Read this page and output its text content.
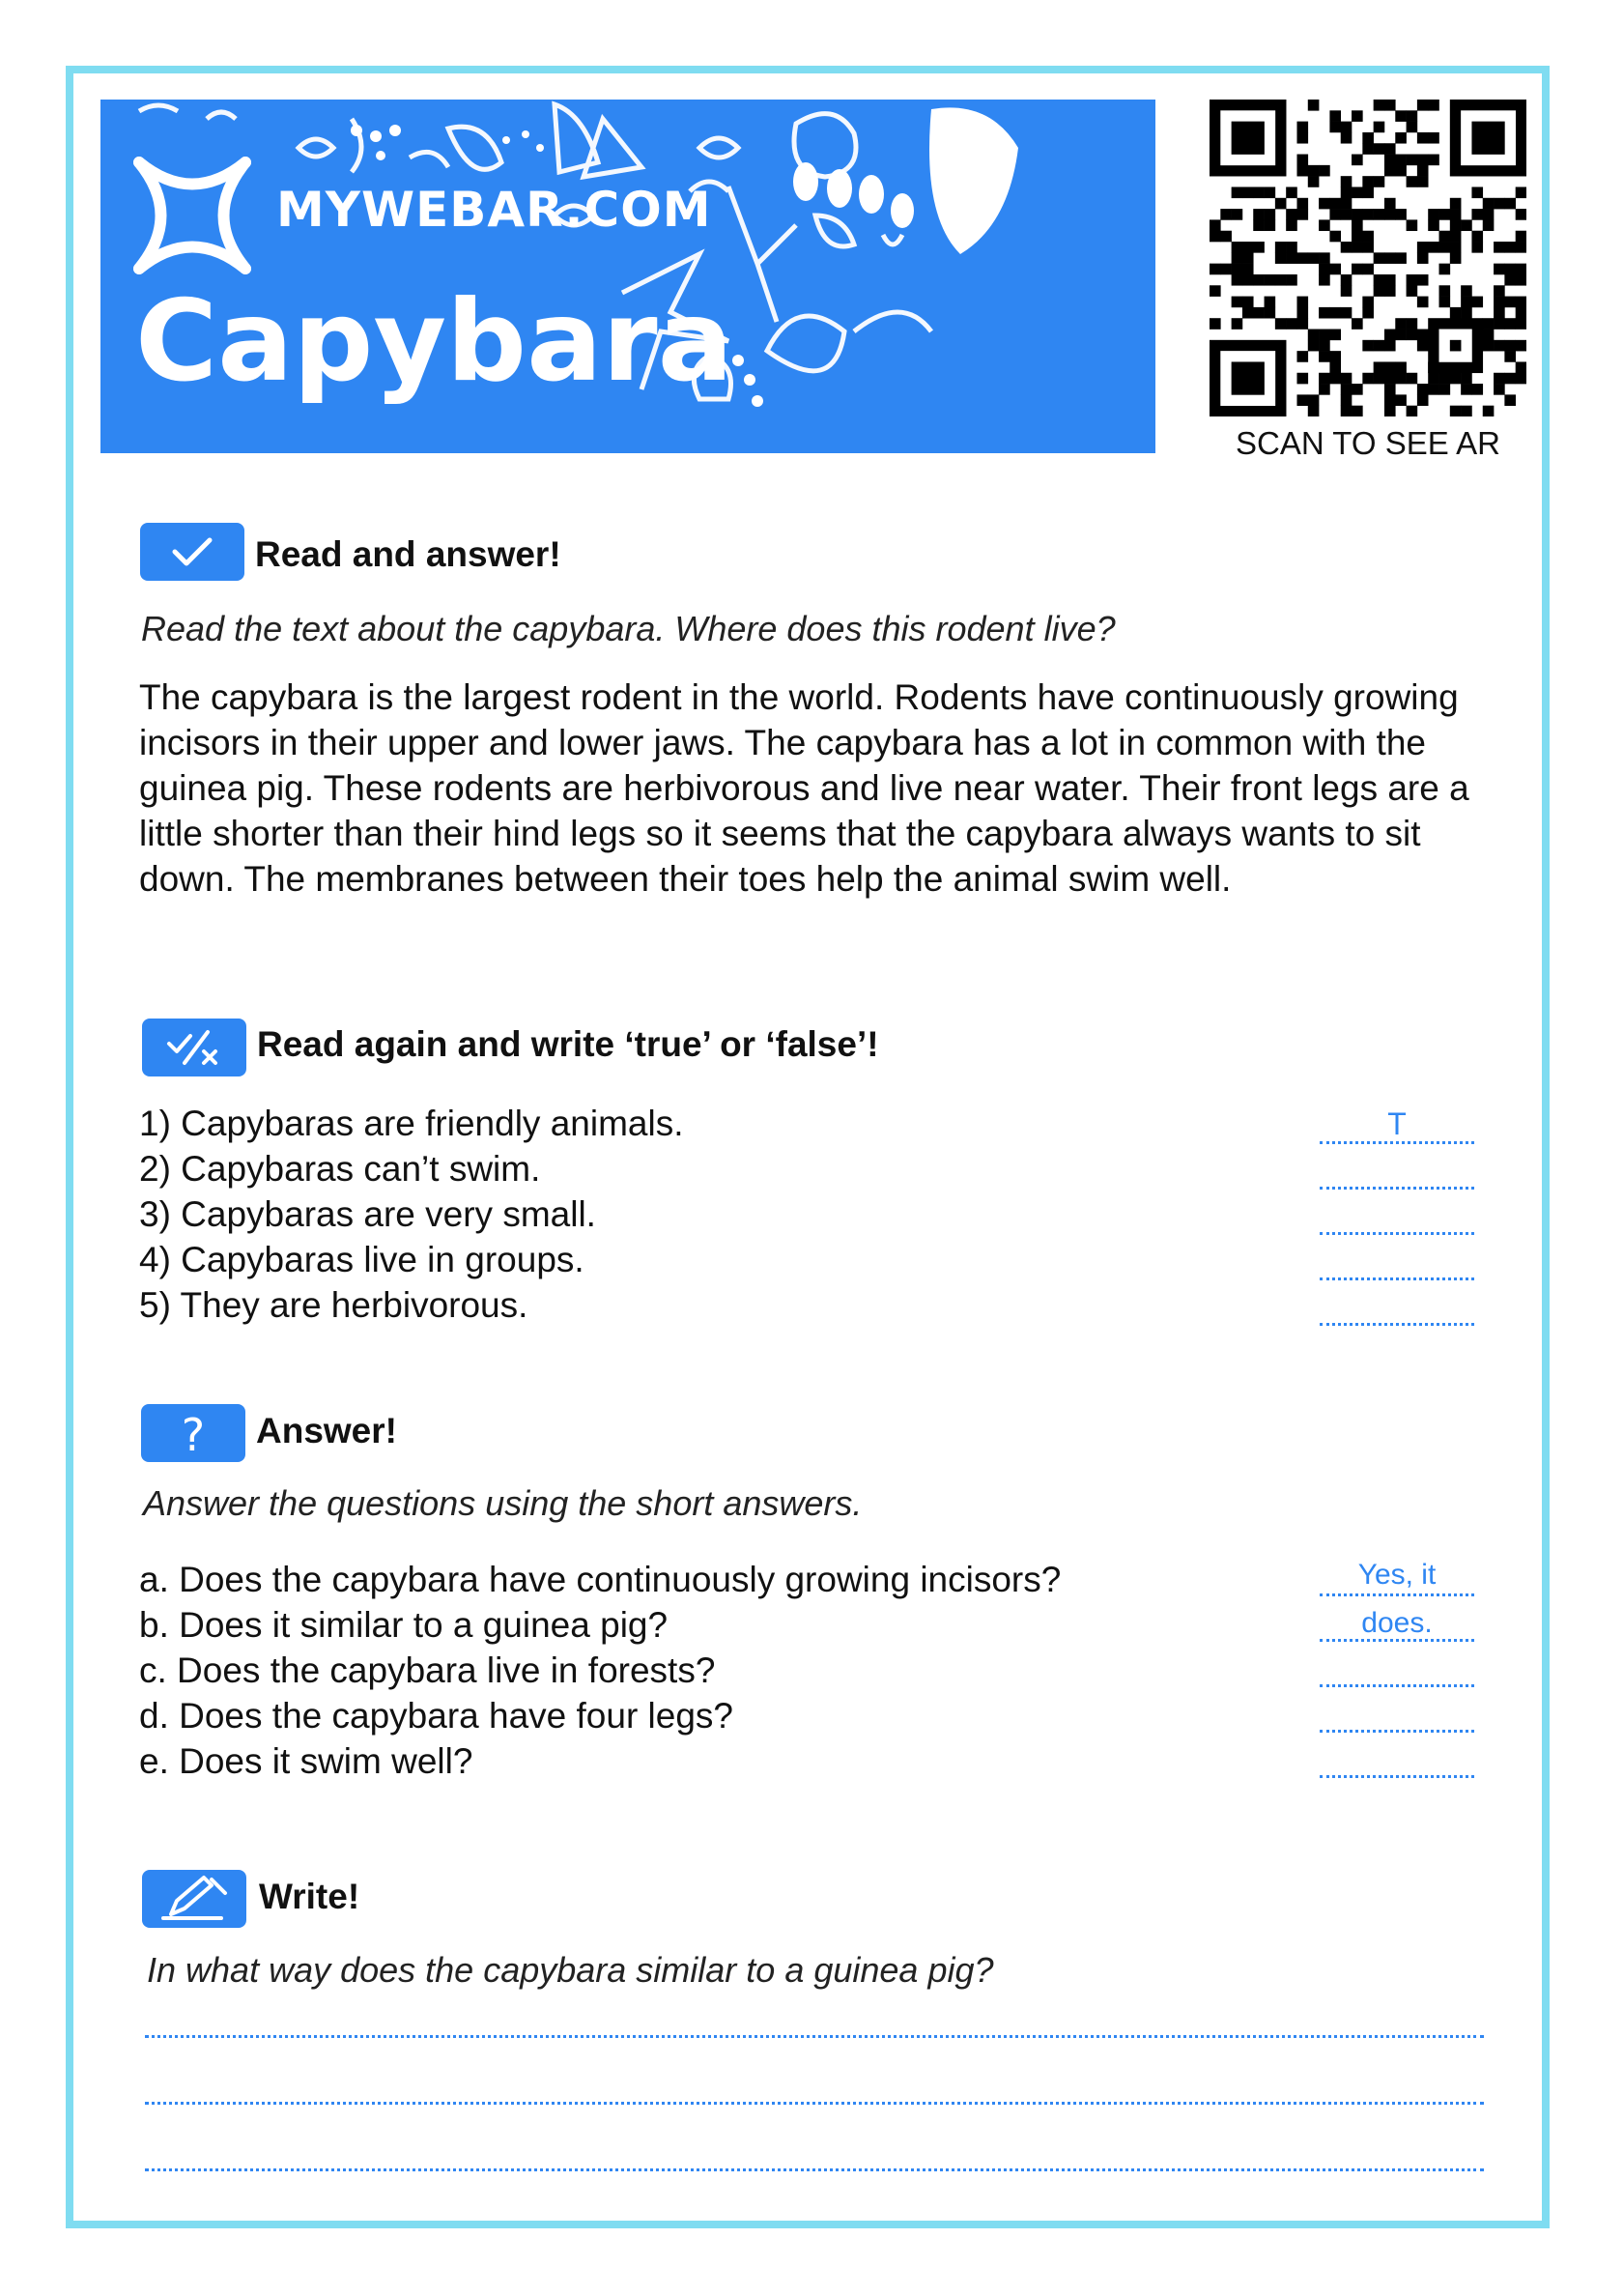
MYWEBAR.COM
Capybara
SCAN TO SEE AR
Read and answer!
Read the text about the capybara. Where does this rodent live?

The capybara is the largest rodent in the world. Rodents have continuously growing incisors in their upper and lower jaws. The capybara has a lot in common with the guinea pig. These rodents are herbivorous and live near water. Their front legs are a little shorter than their hind legs so it seems that the capybara always wants to sit down. The membranes between their toes help the animal swim well.

Read again and write ‘true’ or ‘false’!
1) Capybaras are friendly animals.
2) Capybaras can’t swim.
3) Capybaras are very small.
4) Capybaras live in groups.
5) They are herbivorous.
T
? Answer!
Answer the questions using the short answers.
a. Does the capybara have continuously growing incisors?
b. Does it similar to a guinea pig?
c. Does the capybara live in forests?
d. Does the capybara have four legs?
e. Does it swim well?
Yes, it does.
Write!
In what way does the capybara similar to a guinea pig?
